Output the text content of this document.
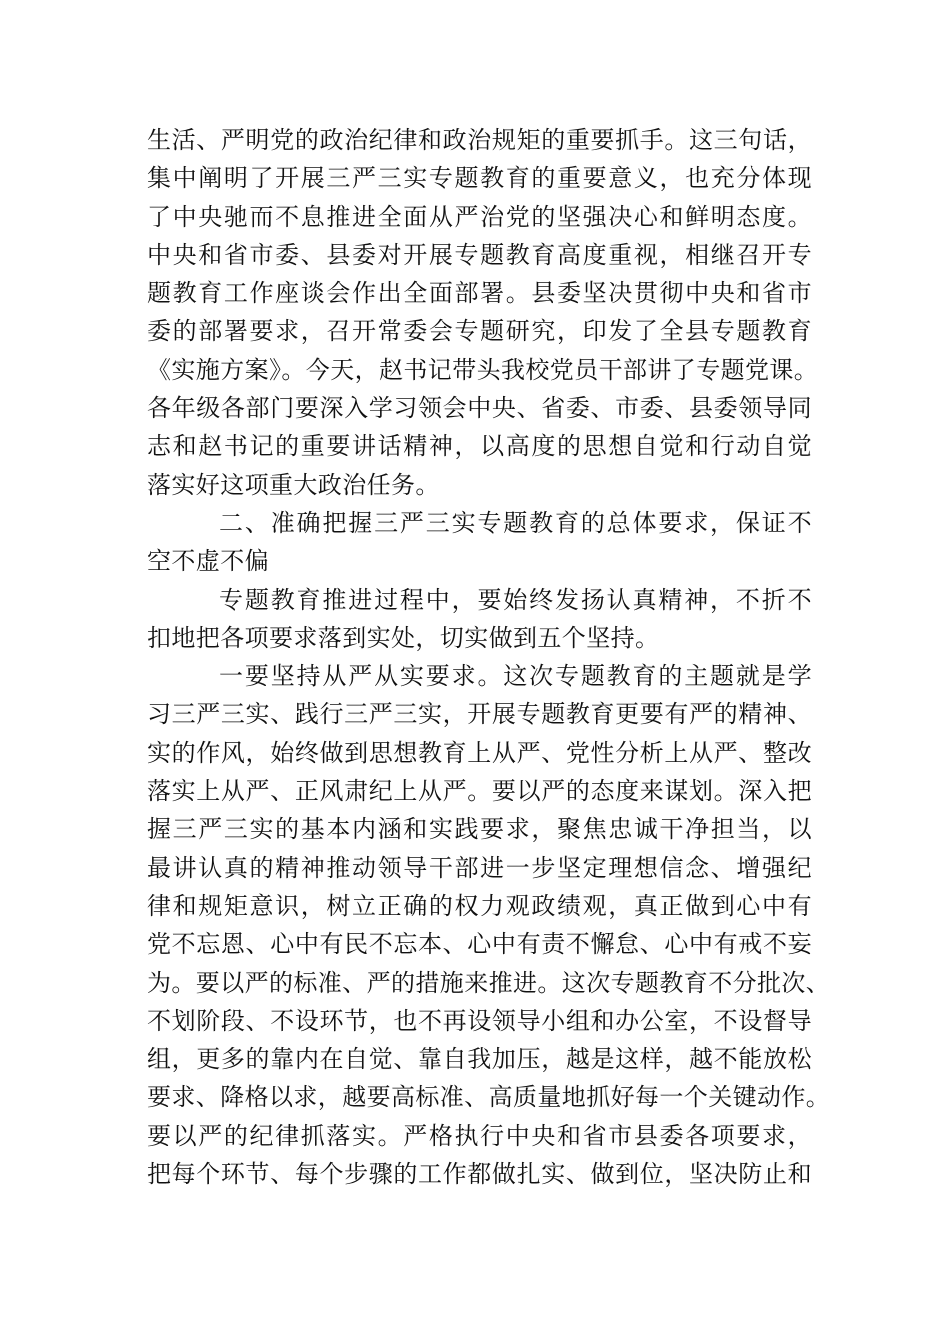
生活、严明党的政治纪律和政治规矩的重要抓手。这三句话，
集中阐明了开展三严三实专题教育的重要意义，也充分体现
了中央驰而不息推进全面从严治党的坚强决心和鲜明态度。
中央和省市委、县委对开展专题教育高度重视，相继召开专
题教育工作座谈会作出全面部署。县委坚决贯彻中央和省市
委的部署要求，召开常委会专题研究，印发了全县专题教育
《实施方案》。今天，赵书记带头我校党员干部讲了专题党课。
各年级各部门要深入学习领会中央、省委、市委、县委领导同
志和赵书记的重要讲话精神，以高度的思想自觉和行动自觉
落实好这项重大政治任务。
二、准确把握三严三实专题教育的总体要求，保证不
空不虚不偏
专题教育推进过程中，要始终发扬认真精神，不折不
扣地把各项要求落到实处，切实做到五个坚持。
一要坚持从严从实要求。这次专题教育的主题就是学
习三严三实、践行三严三实，开展专题教育更要有严的精神、
实的作风，始终做到思想教育上从严、党性分析上从严、整改
落实上从严、正风肃纪上从严。要以严的态度来谋划。深入把
握三严三实的基本内涵和实践要求，聚焦忠诚干净担当，以
最讲认真的精神推动领导干部进一步坚定理想信念、增强纪
律和规矩意识，树立正确的权力观政绩观，真正做到心中有
党不忘恩、心中有民不忘本、心中有责不懈怠、心中有戒不妄
为。要以严的标准、严的措施来推进。这次专题教育不分批次、
不划阶段、不设环节，也不再设领导小组和办公室，不设督导
组，更多的靠内在自觉、靠自我加压，越是这样，越不能放松
要求、降格以求，越要高标准、高质量地抓好每一个关键动作。
要以严的纪律抓落实。严格执行中央和省市县委各项要求，
把每个环节、每个步骤的工作都做扎实、做到位，坚决防止和
